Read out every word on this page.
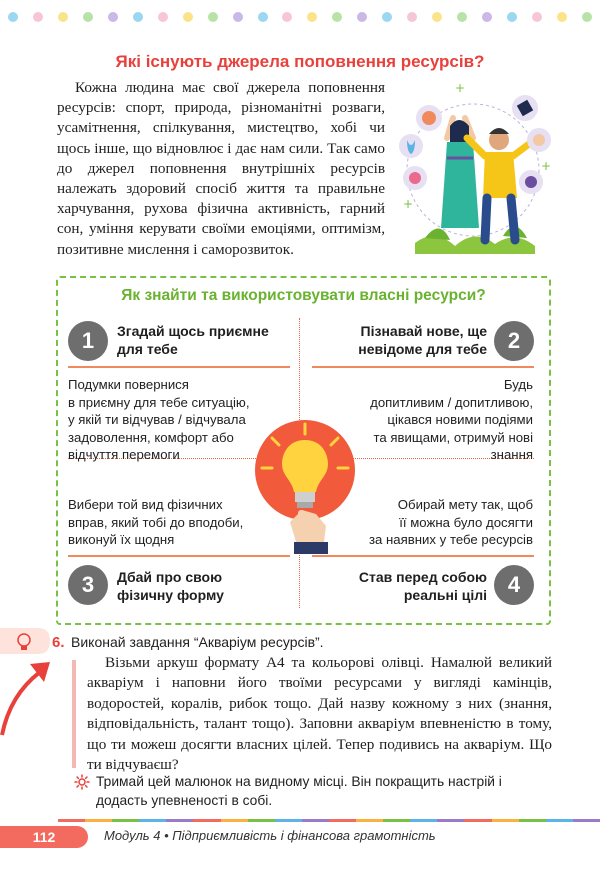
Які існують джерела поповнення ресурсів?

Кожна людина має свої джерела поповнення ресурсів: спорт, природа, різноманітні розваги, усамітнення, спілкування, мистецтво, хобі чи щось інше, що відновлює і дає нам сили. Так само до джерел поповнення внутрішніх ресурсів належать здоровий спосіб життя та правильне харчування, рухова фізична активність, гарний сон, уміння керувати своїми емоціями, оптимізм, позитивне мислення і саморозвиток.

+
+
+
Як знайти та використовувати власні ресурси?
1	Згадай щось приємне
для тебе
Подумки повернися
в приємну для тебе ситуацію,
у якій ти відчував / відчувала
задоволення, комфорт або
відчуття перемоги
2
Пізнавай нове, ще
невідоме для тебе
Будь
допитливим / допитливою,
цікався новими подіями
та явищами, отримуй нові
знання
Вибери той вид фізичних
вправ, який тобі до вподоби,
виконуй їх щодня
3	Дбай про свою
фізичну форму
Обирай мету так, щоб
її можна було досягти
за наявних у тебе ресурсів
4
Став перед собою
реальні цілі
6. Виконай завдання “Акваріум ресурсів”.

Візьми аркуш формату А4 та кольорові олівці. Намалюй великий акваріум і наповни його твоїми ресурсами у вигляді камінців, водоростей, коралів, рибок тощо. Дай назву кожному з них (знання, відповідальність, талант тощо). Заповни акваріум впевненістю в тому, що ти можеш досягти власних цілей. Тепер подивись на акваріум. Що ти відчуваєш?

Тримай цей малюнок на видному місці. Він покращить настрій і додасть упевненості в собі.
112	Модуль 4 • Підприємливість і фінансова грамотність
